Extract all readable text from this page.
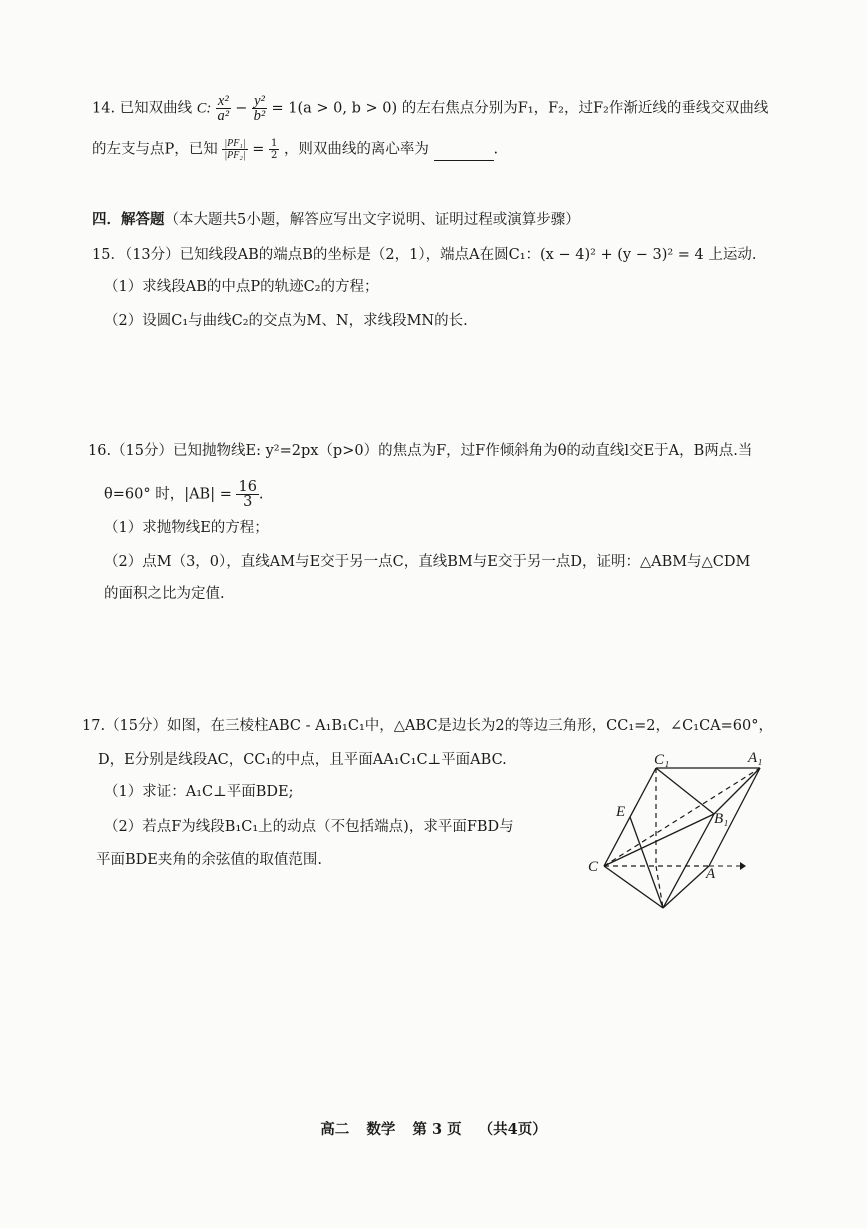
14. 已知双曲线 C: $\frac{\text{x²}}{\text{a²}} - \frac{\text{y²}}{\text{b²}} = 1(a > 0$, b > 0) 的左右焦点分别为F₁，F₂，过F₂作渐近线的垂线交双曲线
的左支与点P，已知 $\frac{\text{|PF₁|}}{\text{|PF₂|}} = \frac{1}{2}$ ，则双曲线的离心率为	.
四．解答题（本大题共5小题，解答应写出文字说明、证明过程或演算步骤）
15．（13分）已知线段AB的端点B的坐标是（2，1），端点A在圆C₁：(x − 4)² + (y − 3)² = 4 上运动.
（1）求线段AB的中点P的轨迹C₂的方程；
（2）设圆C₁与曲线C₂的交点为M、N，求线段MN的长.
16.（15分）已知抛物线E: y²=2px（p>0）的焦点为F，过F作倾斜角为θ的动直线l交E于A，B两点.当
θ=60° 时，$|AB| = \frac{16}{3}$ .
（1）求抛物线E的方程；
（2）点M（3，0），直线AM与E交于另一点C，直线BM与E交于另一点D，证明：△ABM与△CDM
的面积之比为定值.
17.（15分）如图，在三棱柱ABC - A₁B₁C₁中，△ABC是边长为2的等边三角形，CC₁=2，∠C₁CA=60°，
D，E分别是线段AC，CC₁的中点，且平面AA₁C₁C⊥平面ABC.
（1）求证：A₁C⊥平面BDE;
（2）若点F为线段B₁C₁上的动点（不包括端点)，求平面FBD与
平面BDE夹角的余弦值的取值范围.
C₁	A₁
E	B₁
C	A
高二 数学 第 3 页 （共4页）
